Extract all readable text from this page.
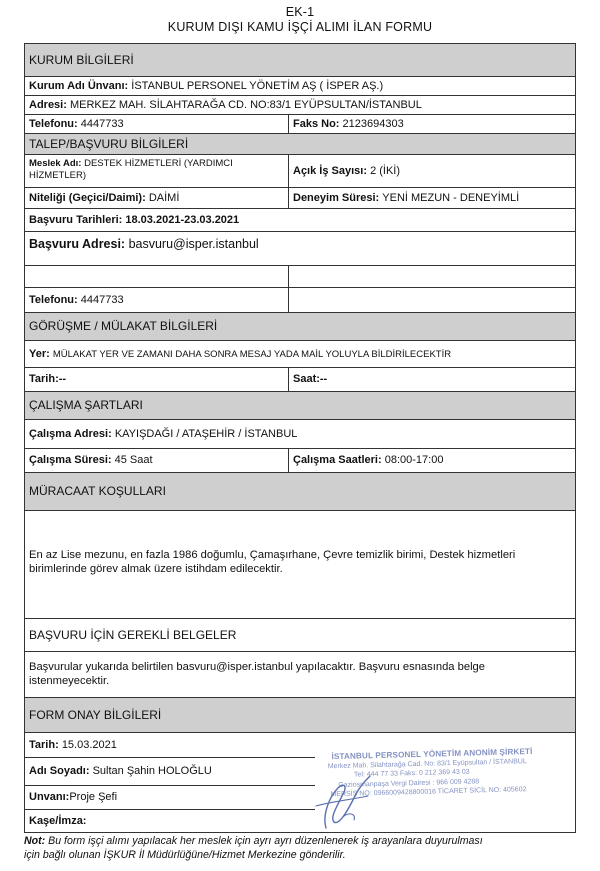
EK-1
KURUM DIŞI KAMU İŞÇİ ALIMI İLAN FORMU
KURUM BİLGİLERİ
Kurum Adı Ünvanı:
İSTANBUL PERSONEL YÖNETİM AŞ ( İSPER AŞ.)
Adresi:
MERKEZ MAH. SİLAHTARAĞA CD. NO:83/1 EYÜPSULTAN/İSTANBUL
Telefonu:
4447733	Faks No:
2123694303
TALEP/BAŞVURU BİLGİLERİ
Meslek Adı: DESTEK HİZMETLERİ (YARDIMCI HİZMETLER)	Açık İş Sayısı:
2 (İKİ)
Niteliği (Geçici/Daimi):
DAİMİ	Deneyim Süresi:
YENİ MEZUN - DENEYİMLİ
Başvuru Tarihleri:
18.03.2021-23.03.2021
Başvuru Adresi:
basvuru@isper.istanbul
Telefonu:
4447733
GÖRÜŞME / MÜLAKAT BİLGİLERİ
Yer:
MÜLAKAT YER VE ZAMANI DAHA SONRA MESAJ YADA MAİL YOLUYLA BİLDİRİLECEKTİR
Tarih:--	Saat:--
ÇALIŞMA ŞARTLARI
Çalışma Adresi:
KAYIŞDAĞI / ATAŞEHİR / İSTANBUL
Çalışma Süresi:
45 Saat	Çalışma Saatleri:
08:00-17:00
MÜRACAAT KOŞULLARI
En az Lise mezunu, en fazla 1986 doğumlu, Çamaşırhane, Çevre temizlik birimi, Destek hizmetleri
birimlerinde görev almak üzere istihdam edilecektir.
BAŞVURU İÇİN GEREKLİ BELGELER
Başvurular yukarıda belirtilen basvuru@isper.istanbul yapılacaktır. Başvuru esnasında belge
istenmeyecektir.
FORM ONAY BİLGİLERİ
Tarih:
15.03.2021
Adı Soyadı:
Sultan Şahin HOLOĞLU
Unvanı: Proje Şefi
Kaşe/İmza:
İSTANBUL PERSONEL YÖNETİM ANONİM ŞİRKETİ
Merkez Mah. Silahtarağa Cad. No: 83/1 Eyüpsultan / İSTANBUL
Tel: 444 77 33 Faks: 0 212 369 43 03
Gaziosmanpaşa Vergi Dairesi : 966 009 4288
MERSİS NO: 0966009428800016 TİCARET SİCİL NO: 405602
Not: Bu form işçi alımı yapılacak her meslek için ayrı ayrı düzenlenerek iş arayanlara duyurulması
için bağlı olunan İŞKUR İl Müdürlüğüne/Hizmet Merkezine gönderilir.
